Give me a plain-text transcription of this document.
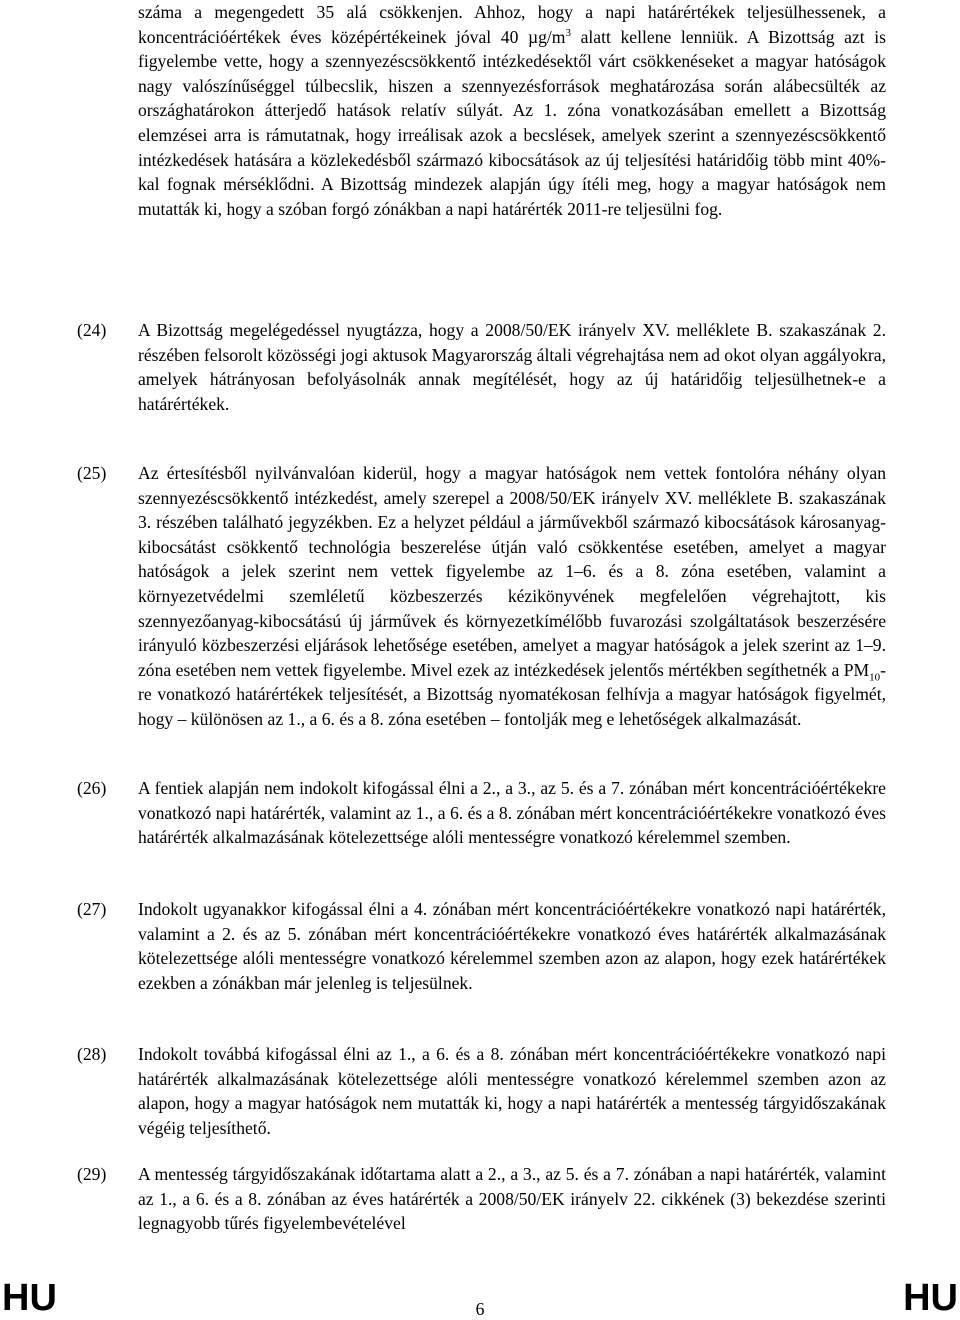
száma a megengedett 35 alá csökkenjen. Ahhoz, hogy a napi határértékek teljesülhessenek, a koncentrációértékek éves középértékeinek jóval 40 $\mu g/m^3$ alatt kellene lenniük. A Bizottság azt is figyelembe vette, hogy a szennyezéscsökkentő intézkedésektől várt csökkenéseket a magyar hatóságok nagy valószínűséggel túlbecslik, hiszen a szennyezésforrások meghatározása során alábecsülték az országhatárokon átterjedő hatások relatív súlyát. Az 1. zóna vonatkozásában emellett a Bizottság elemzései arra is rámutatnak, hogy irreálisak azok a becslések, amelyek szerint a szennyezéscsökkentő intézkedések hatására a közlekedésből származó kibocsátások az új teljesítési határidőig több mint 40%-kal fognak mérséklődni. A Bizottság mindezek alapján úgy ítéli meg, hogy a magyar hatóságok nem mutatták ki, hogy a szóban forgó zónákban a napi határérték 2011-re teljesülni fog.

(24)	A Bizottság megelégedéssel nyugtázza, hogy a 2008/50/EK irányelv XV. melléklete B. szakaszának 2. részében felsorolt közösségi jogi aktusok Magyarország általi végrehajtása nem ad okot olyan aggályokra, amelyek hátrányosan befolyásolnák annak megítélését, hogy az új határidőig teljesülhetnek-e a határértékek.

(25)	Az értesítésből nyilvánvalóan kiderül, hogy a magyar hatóságok nem vettek fontolóra néhány olyan szennyezéscsökkentő intézkedést, amely szerepel a 2008/50/EK irányelv XV. melléklete B. szakaszának 3. részében található jegyzékben. Ez a helyzet például a járművekből származó kibocsátások károsanyag-kibocsátást csökkentő technológia beszerelése útján való csökkentése esetében, amelyet a magyar hatóságok a jelek szerint nem vettek figyelembe az 1–6. és a 8. zóna esetében, valamint a környezetvédelmi szemléletű közbeszerzés kézikönyvének megfelelően végrehajtott, kis szennyezőanyag-kibocsátású új járművek és környezetkímélőbb fuvarozási szolgáltatások beszerzésére irányuló közbeszerzési eljárások lehetősége esetében, amelyet a magyar hatóságok a jelek szerint az 1–9. zóna esetében nem vettek figyelembe. Mivel ezek az intézkedések jelentős mértékben segíthetnék a $PM_{10}-re$ vonatkozó határértékek teljesítését, a Bizottság nyomatékosan felhívja a magyar hatóságok figyelmét, hogy – különösen az 1., a 6. és a 8. zóna esetében – fontolják meg e lehetőségek alkalmazását.

(26)	A fentiek alapján nem indokolt kifogással élni a 2., a 3., az 5. és a 7. zónában mért koncentrációértékekre vonatkozó napi határérték, valamint az 1., a 6. és a 8. zónában mért koncentrációértékekre vonatkozó éves határérték alkalmazásának kötelezettsége alóli mentességre vonatkozó kérelemmel szemben.

(27)	Indokolt ugyanakkor kifogással élni a 4. zónában mért koncentrációértékekre vonatkozó napi határérték, valamint a 2. és az 5. zónában mért koncentrációértékekre vonatkozó éves határérték alkalmazásának kötelezettsége alóli mentességre vonatkozó kérelemmel szemben azon az alapon, hogy ezek határértékek ezekben a zónákban már jelenleg is teljesülnek.

(28)	Indokolt továbbá kifogással élni az 1., a 6. és a 8. zónában mért koncentrációértékekre vonatkozó napi határérték alkalmazásának kötelezettsége alóli mentességre vonatkozó kérelemmel szemben azon az alapon, hogy a magyar hatóságok nem mutatták ki, hogy a napi határérték a mentesség tárgyidőszakának végéig teljesíthető.

(29)	A mentesség tárgyidőszakának időtartama alatt a 2., a 3., az 5. és a 7. zónában a napi határérték, valamint az 1., a 6. és a 8. zónában az éves határérték a 2008/50/EK irányelv 22. cikkének (3) bekezdése szerinti legnagyobb tűrés figyelembevételével

HU	6	HU
